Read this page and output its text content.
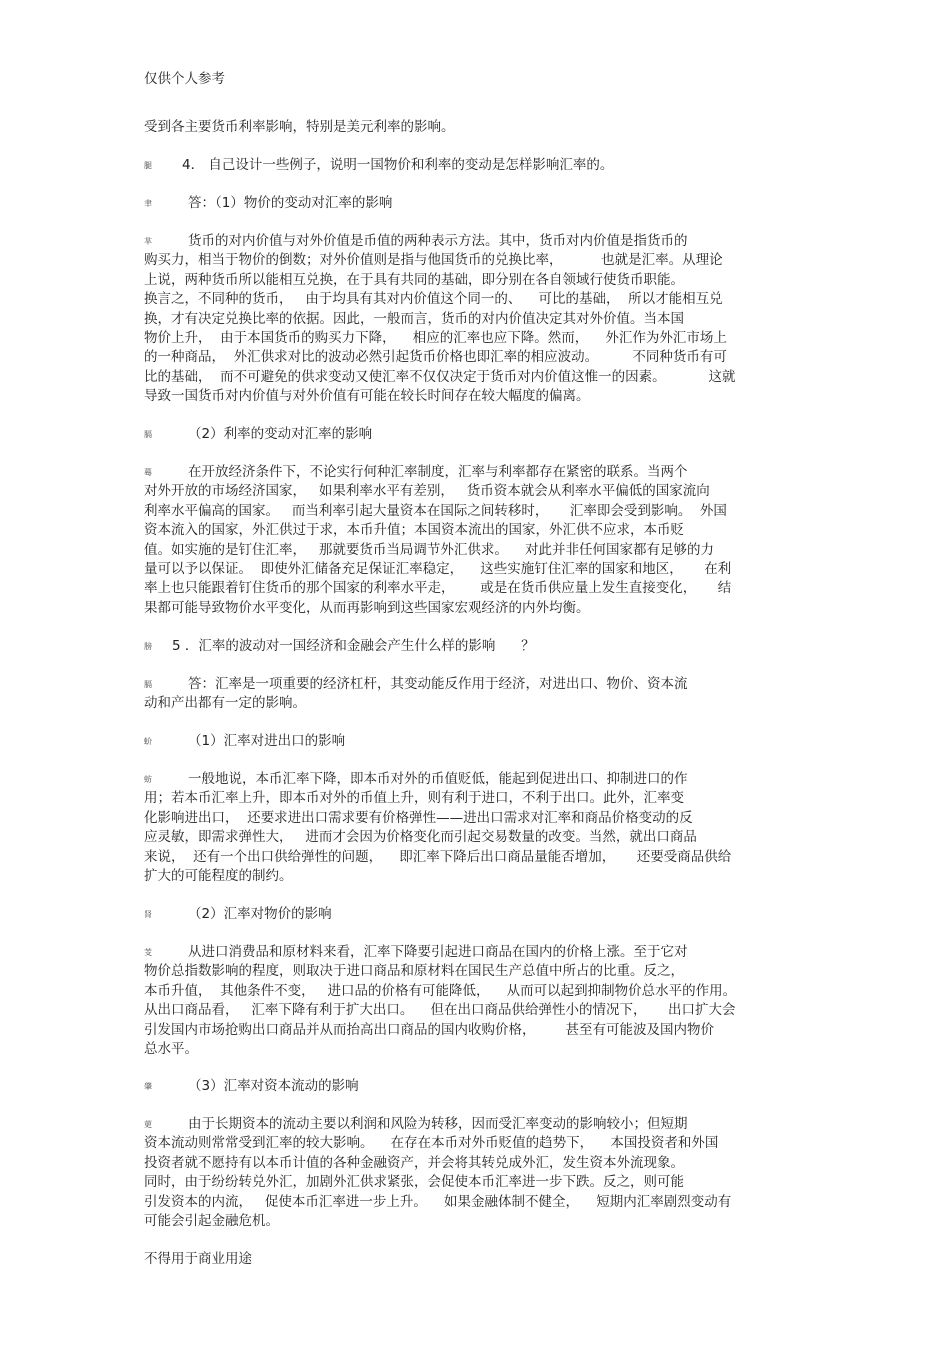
仅供个人参考
受到各主要货币利率影响，特别是美元利率的影响。
腿 4． 自己设计一些例子，说明一国物价和利率的变动是怎样影响汇率的。
聿	答：（1）物价的变动对汇率的影响
芈	货币的对内价值与对外价值是币值的两种表示方法。其中，货币对内价值是指货币的
购买力，相当于物价的倒数；对外价值则是指与他国货币的兑换比率，         也就是汇率。从理论
上说，两种货币所以能相互兑换，在于具有共同的基础，即分别在各自领域行使货币职能。
换言之，不同种的货币，   由于均具有其对内价值这个同一的、    可比的基础，  所以才能相互兑
换，才有决定兑换比率的依据。因此，一般而言，货币的对内价值决定其对外价值。当本国
物价上升，  由于本国货币的购买力下降，    相应的汇率也应下降。然而，    外汇作为外汇市场上
的一种商品，  外汇供求对比的波动必然引起货币价格也即汇率的相应波动。        不同种货币有可
比的基础，  而不可避免的供求变动又使汇率不仅仅决定于货币对内价值这惟一的因素。          这就
导致一国货币对内价值与对外价值有可能在较长时间存在较大幅度的偏离。
膈	（2）利率的变动对汇率的影响
蓦	在开放经济条件下，不论实行何种汇率制度，汇率与利率都存在紧密的联系。当两个
对外开放的市场经济国家，   如果利率水平有差别，   货币资本就会从利率水平偏低的国家流向
利率水平偏高的国家。   而当利率引起大量资本在国际之间转移时，     汇率即会受到影响。  外国
资本流入的国家，外汇供过于求，本币升值；本国资本流出的国家，外汇供不应求，本币贬
值。如实施的是钉住汇率，   那就要货币当局调节外汇供求。    对此并非任何国家都有足够的力
量可以予以保证。  即使外汇储备充足保证汇率稳定，    这些实施钉住汇率的国家和地区，     在利
率上也只能跟着钉住货币的那个国家的利率水平走，      或是在货币供应量上发生直接变化，     结
果都可能导致物价水平变化，从而再影响到这些国家宏观经济的内外均衡。
膀 5 ．汇率的波动对一国经济和金融会产生什么样的影响      ？
膈	答：汇率是一项重要的经济杠杆，其变动能反作用于经济，对进出口、物价、资本流
动和产出都有一定的影响。
蚧	（1）汇率对进出口的影响
蚄	一般地说，本币汇率下降，即本币对外的币值贬低，能起到促进出口、抑制进口的作
用；若本币汇率上升，即本币对外的币值上升，则有利于进口，不利于出口。此外，汇率变
化影响进出口，  还要求进出口需求要有价格弹性——进出口需求对汇率和商品价格变动的反
应灵敏，即需求弹性大，   进而才会因为价格变化而引起交易数量的改变。当然，就出口商品
来说，  还有一个出口供给弹性的问题，    即汇率下降后出口商品量能否增加，     还要受商品供给
扩大的可能程度的制约。
肾	（2）汇率对物价的影响
芰	从进口消费品和原材料来看，汇率下降要引起进口商品在国内的价格上涨。至于它对
物价总指数影响的程度，则取决于进口商品和原材料在国民生产总值中所占的比重。反之，
本币升值，  其他条件不变，   进口品的价格有可能降低，    从而可以起到抑制物价总水平的作用。
从出口商品看，   汇率下降有利于扩大出口。    但在出口商品供给弹性小的情况下，     出口扩大会
引发国内市场抢购出口商品并从而抬高出口商品的国内收购价格，       甚至有可能波及国内物价
总水平。
肇	（3）汇率对资本流动的影响
莄	由于长期资本的流动主要以利润和风险为转移，因而受汇率变动的影响较小；但短期
资本流动则常常受到汇率的较大影响。    在存在本币对外币贬值的趋势下，    本国投资者和外国
投资者就不愿持有以本币计值的各种金融资产，并会将其转兑成外汇，发生资本外流现象。
同时，由于纷纷转兑外汇，加剧外汇供求紧张，会促使本币汇率进一步下跌。反之，则可能
引发资本的内流，   促使本币汇率进一步上升。    如果金融体制不健全，    短期内汇率剧烈变动有
可能会引起金融危机。
不得用于商业用途
